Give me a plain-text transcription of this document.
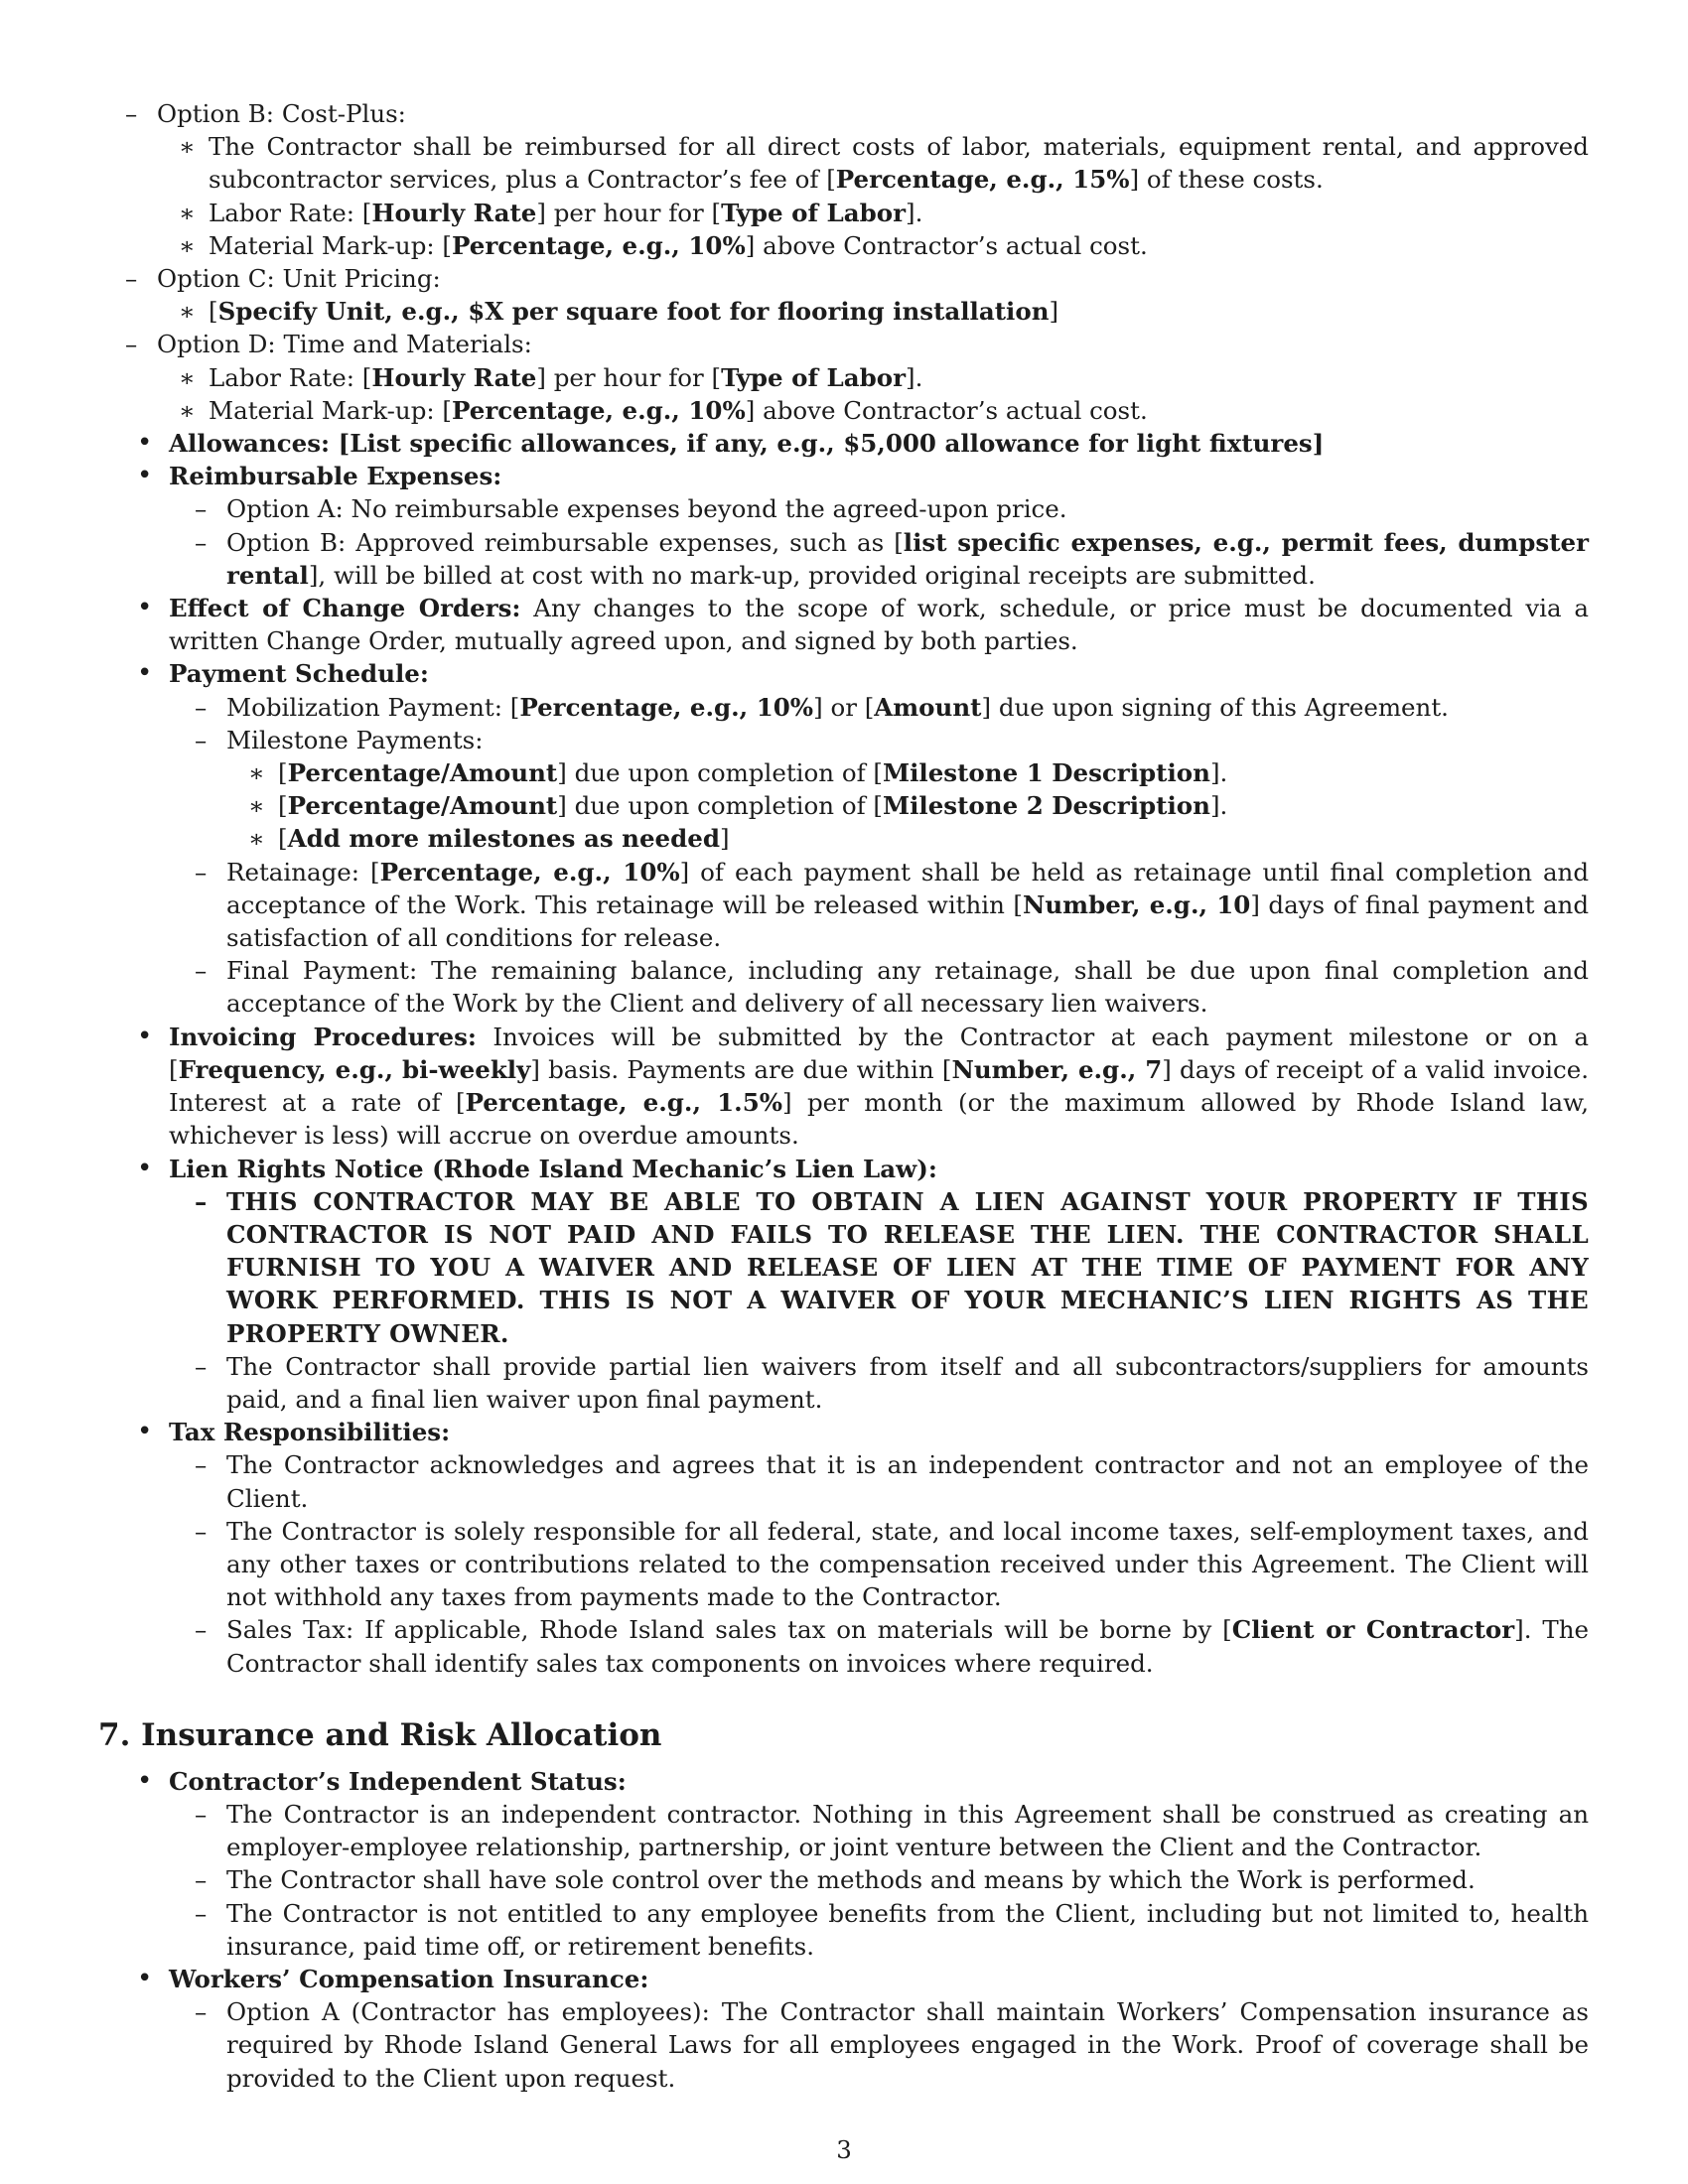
– Option B: Cost-Plus:

∗ The Contractor shall be reimbursed for all direct costs of labor, materials, equipment rental, and approved subcontractor services, plus a Contractor’s fee of [Percentage, e.g., 15%] of these costs.
∗ Labor Rate: [Hourly Rate] per hour for [Type of Labor].
∗ Material Mark-up: [Percentage, e.g., 10%] above Contractor’s actual cost.

– Option C: Unit Pricing:

∗ [Specify Unit, e.g., $X per square foot for flooring installation]

– Option D: Time and Materials:

∗ Labor Rate: [Hourly Rate] per hour for [Type of Labor].
∗ Material Mark-up: [Percentage, e.g., 10%] above Contractor’s actual cost.
• Allowances: [List specific allowances, if any, e.g., $5,000 allowance for light fixtures]

• Reimbursable Expenses:

– Option A: No reimbursable expenses beyond the agreed-upon price.
– Option B: Approved reimbursable expenses, such as [list specific expenses, e.g., permit fees, dumpster rental], will be billed at cost with no mark-up, provided original receipts are submitted.
• Effect of Change Orders: Any changes to the scope of work, schedule, or price must be documented via a written Change Order, mutually agreed upon, and signed by both parties.

• Payment Schedule:

– Mobilization Payment: [Percentage, e.g., 10%] or [Amount] due upon signing of this Agreement.

– Milestone Payments:

∗ [Percentage/Amount] due upon completion of [Milestone 1 Description].
∗ [Percentage/Amount] due upon completion of [Milestone 2 Description].
∗ [Add more milestones as needed]
– Retainage: [Percentage, e.g., 10%] of each payment shall be held as retainage until final completion and acceptance of the Work. This retainage will be released within [Number, e.g., 10] days of final payment and satisfaction of all conditions for release.
– Final Payment: The remaining balance, including any retainage, shall be due upon final completion and acceptance of the Work by the Client and delivery of all necessary lien waivers.
• Invoicing Procedures: Invoices will be submitted by the Contractor at each payment milestone or on a [Frequency, e.g., bi-weekly] basis. Payments are due within [Number, e.g., 7] days of receipt of a valid invoice. Interest at a rate of [Percentage, e.g., 1.5%] per month (or the maximum allowed by Rhode Island law, whichever is less) will accrue on overdue amounts.

• Lien Rights Notice (Rhode Island Mechanic’s Lien Law):

– THIS CONTRACTOR MAY BE ABLE TO OBTAIN A LIEN AGAINST YOUR PROPERTY IF THIS CONTRACTOR IS NOT PAID AND FAILS TO RELEASE THE LIEN. THE CONTRACTOR SHALL FURNISH TO YOU A WAIVER AND RELEASE OF LIEN AT THE TIME OF PAYMENT FOR ANY WORK PERFORMED. THIS IS NOT A WAIVER OF YOUR MECHANIC’S LIEN RIGHTS AS THE PROPERTY OWNER.
– The Contractor shall provide partial lien waivers from itself and all subcontractors/suppliers for amounts paid, and a final lien waiver upon final payment.

• Tax Responsibilities:

– The Contractor acknowledges and agrees that it is an independent contractor and not an employee of the Client.
– The Contractor is solely responsible for all federal, state, and local income taxes, self-employment taxes, and any other taxes or contributions related to the compensation received under this Agreement. The Client will not withhold any taxes from payments made to the Contractor.
– Sales Tax: If applicable, Rhode Island sales tax on materials will be borne by [Client or Contractor]. The Contractor shall identify sales tax components on invoices where required.
7. Insurance and Risk Allocation

• Contractor’s Independent Status:

– The Contractor is an independent contractor. Nothing in this Agreement shall be construed as creating an employer-employee relationship, partnership, or joint venture between the Client and the Contractor.
– The Contractor shall have sole control over the methods and means by which the Work is performed.
– The Contractor is not entitled to any employee benefits from the Client, including but not limited to, health insurance, paid time off, or retirement benefits.

• Workers’ Compensation Insurance:

– Option A (Contractor has employees): The Contractor shall maintain Workers’ Compensation insurance as required by Rhode Island General Laws for all employees engaged in the Work. Proof of coverage shall be provided to the Client upon request.
3
